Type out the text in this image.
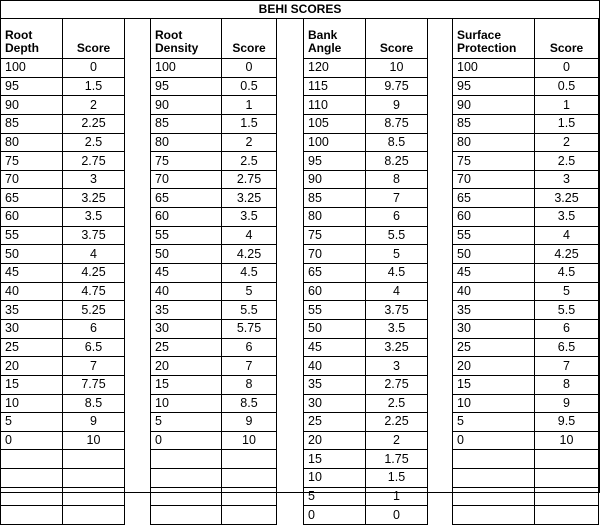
BEHI SCORES
Root
Depth	Score
100	0
95	1.5
90	2
85	2.25
80	2.5
75	2.75
70	3
65	3.25
60	3.5
55	3.75
50	4
45	4.25
40	4.75
35	5.25
30	6
25	6.5
20	7
15	7.75
10	8.5
5	9
0	10

Root
Density	Score
100	0
95	0.5
90	1
85	1.5
80	2
75	2.5
70	2.75
65	3.25
60	3.5
55	4
50	4.25
45	4.5
40	5
35	5.5
30	5.75
25	6
20	7
15	8
10	8.5
5	9
0	10

Bank
Angle	Score
120	10
115	9.75
110	9
105	8.75
100	8.5
95	8.25
90	8
85	7
80	6
75	5.5
70	5
65	4.5
60	4
55	3.75
50	3.5
45	3.25
40	3
35	2.75
30	2.5
25	2.25
20	2
15	1.75
10	1.5
5	1
0	0
Surface
Protection	Score
100	0
95	0.5
90	1
85	1.5
80	2
75	2.5
70	3
65	3.25
60	3.5
55	4
50	4.25
45	4.5
40	5
35	5.5
30	6
25	6.5
20	7
15	8
10	9
5	9.5
0	10
